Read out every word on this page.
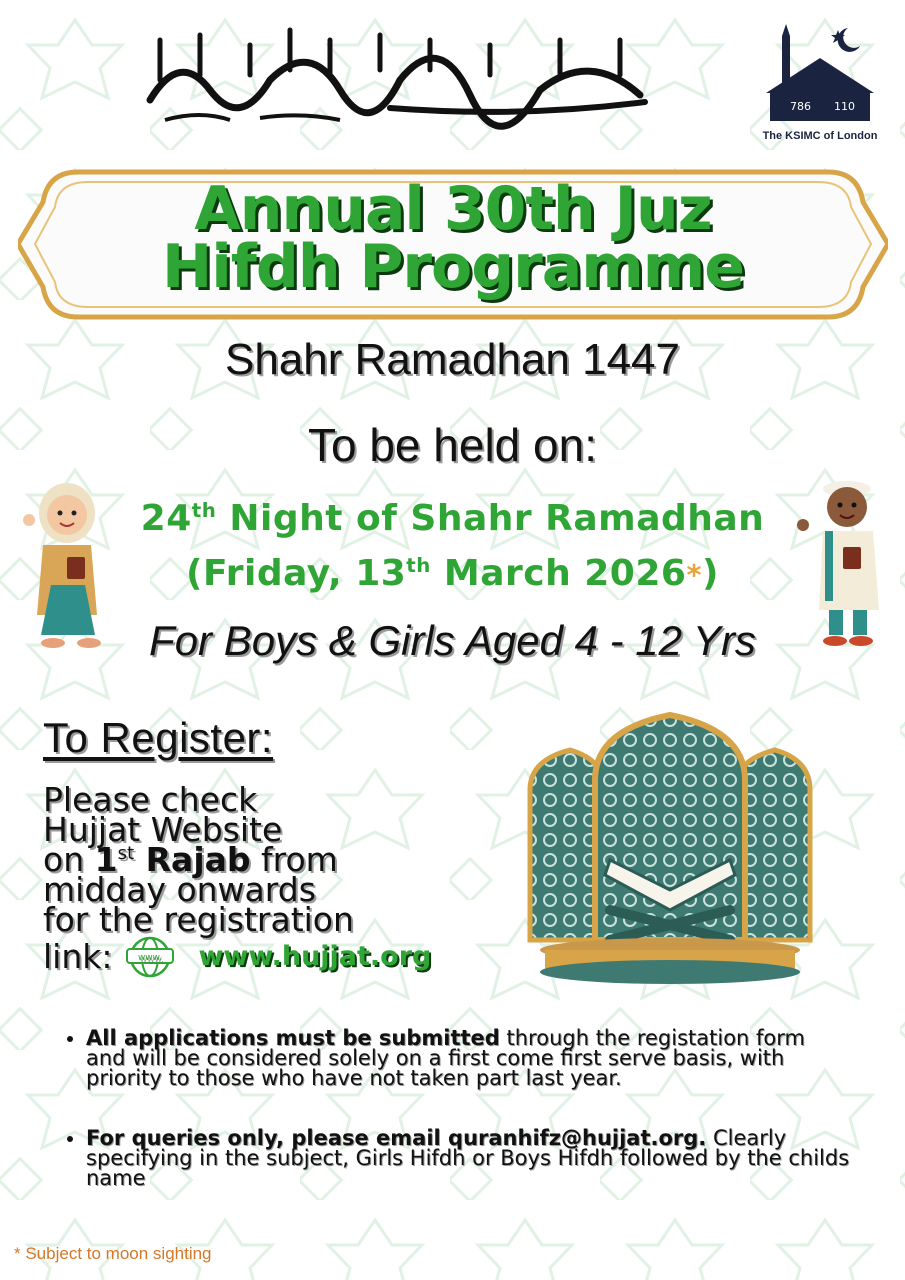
786 110
The KSIMC of London
Annual 30th Juz
Hifdh Programme
Shahr Ramadhan 1447
To be held on:
24th Night of Shahr Ramadhan
(Friday, 13th March 2026*)
For Boys & Girls Aged 4 - 12 Yrs
To Register:
Please check
Hujjat Website
on 1st Rajab from
midday onwards
for the registration
link:	www. www.hujjat.org
• All applications must be submitted through the registation form and will be considered solely on a first come first serve basis, with priority to those who have not taken part last year.
• For queries only, please email quranhifz@hujjat.org. Clearly specifying in the subject, Girls Hifdh or Boys Hifdh followed by the childs name
* Subject to moon sighting
